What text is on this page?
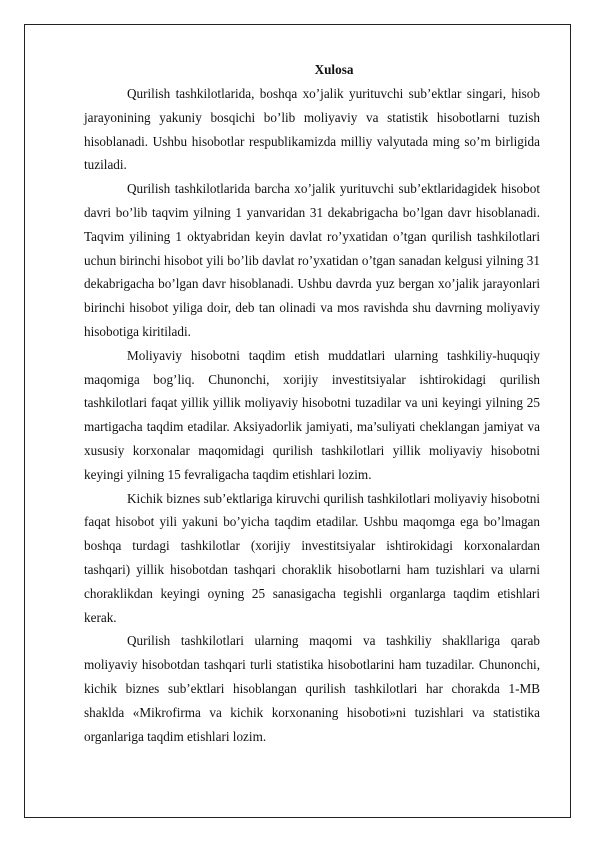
Xulosa

Qurilish tashkilotlarida, boshqa xo’jalik yurituvchi sub’ektlar singari, hisob jarayonining yakuniy bosqichi bo’lib moliyaviy va statistik hisobotlarni tuzish hisoblanadi. Ushbu hisobotlar respublikamizda milliy valyutada ming so’m birligida tuziladi.

Qurilish tashkilotlarida barcha xo’jalik yurituvchi sub’ektlaridagidek hisobot davri bo’lib taqvim yilning 1 yanvaridan 31 dekabrigacha bo’lgan davr hisoblanadi. Taqvim yilining 1 oktyabridan keyin davlat ro’yxatidan o’tgan qurilish tashkilotlari uchun birinchi hisobot yili bo’lib davlat ro’yxatidan o’tgan sanadan kelgusi yilning 31 dekabrigacha bo’lgan davr hisoblanadi. Ushbu davrda yuz bergan xo’jalik jarayonlari birinchi hisobot yiliga doir, deb tan olinadi va mos ravishda shu davrning moliyaviy hisobotiga kiritiladi.

Moliyaviy hisobotni taqdim etish muddatlari ularning tashkiliy-huquqiy maqomiga bog’liq. Chunonchi, xorijiy investitsiyalar ishtirokidagi qurilish tashkilotlari faqat yillik yillik moliyaviy hisobotni tuzadilar va uni keyingi yilning 25 martigacha taqdim etadilar. Aksiyadorlik jamiyati, ma’suliyati cheklangan jamiyat va xususiy korxonalar maqomidagi qurilish tashkilotlari yillik moliyaviy hisobotni keyingi yilning 15 fevraligacha taqdim etishlari lozim.

Kichik biznes sub’ektlariga kiruvchi qurilish tashkilotlari moliyaviy hisobotni faqat hisobot yili yakuni bo’yicha taqdim etadilar. Ushbu maqomga ega bo’lmagan boshqa turdagi tashkilotlar (xorijiy investitsiyalar ishtirokidagi korxonalardan tashqari) yillik hisobotdan tashqari choraklik hisobotlarni ham tuzishlari va ularni choraklikdan keyingi oyning 25 sanasigacha tegishli organlarga taqdim etishlari kerak.

Qurilish tashkilotlari ularning maqomi va tashkiliy shakllariga qarab moliyaviy hisobotdan tashqari turli statistika hisobotlarini ham tuzadilar. Chunonchi, kichik biznes sub’ektlari hisoblangan qurilish tashkilotlari har chorakda 1-MB shaklda «Mikrofirma va kichik korxonaning hisoboti»ni tuzishlari va statistika organlariga taqdim etishlari lozim.
